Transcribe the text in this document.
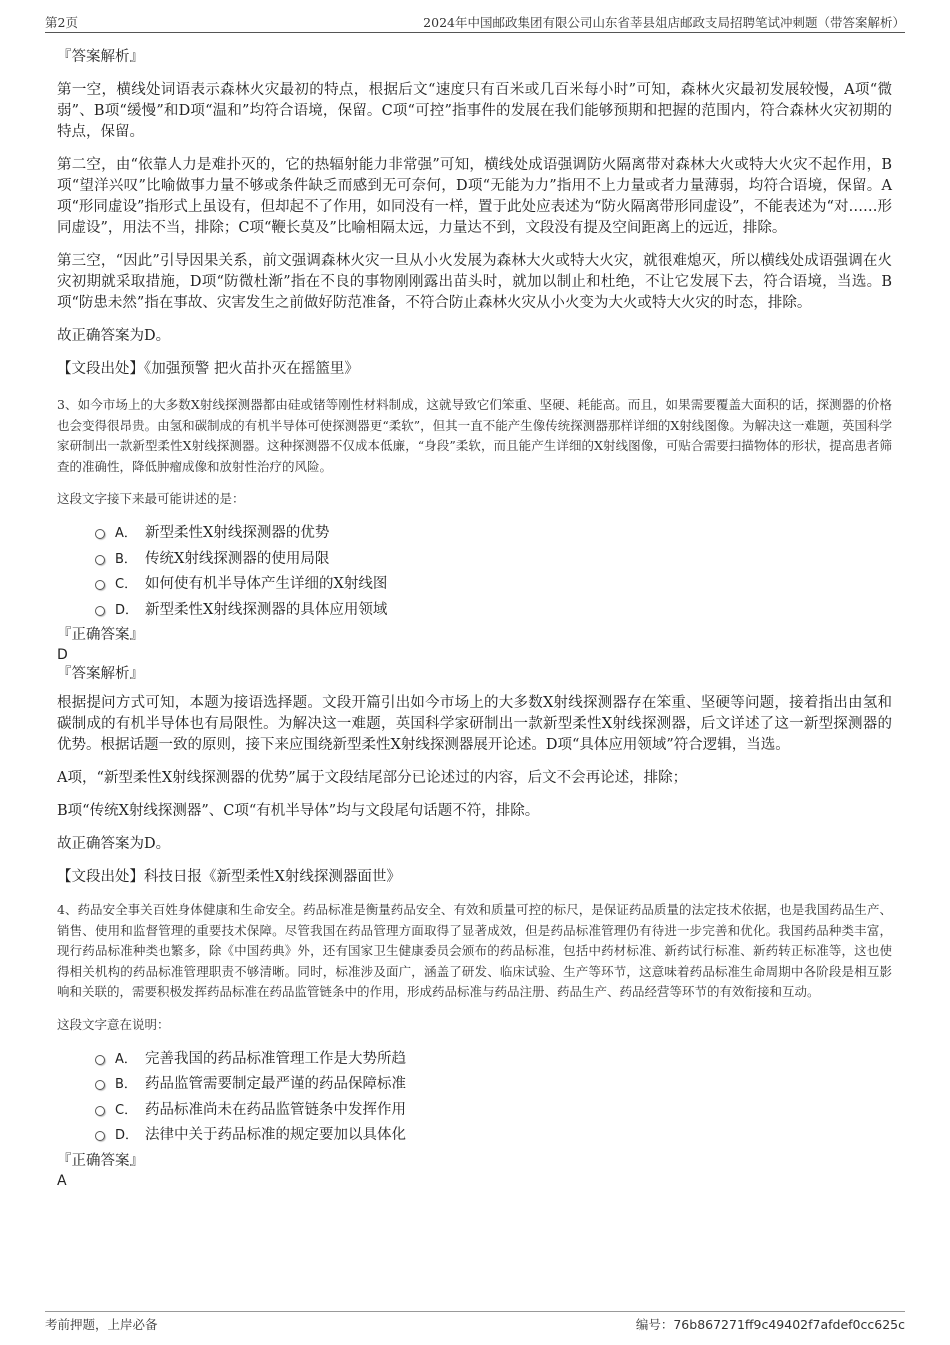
第2页	2024年中国邮政集团有限公司山东省莘县俎店邮政支局招聘笔试冲刺题（带答案解析）

『答案解析』

第一空，横线处词语表示森林火灾最初的特点，根据后文“速度只有百米或几百米每小时”可知，森林火灾最初发展较慢，A项“微弱”、B项“缓慢”和D项“温和”均符合语境，保留。C项“可控”指事件的发展在我们能够预期和把握的范围内，符合森林火灾初期的特点，保留。

第二空，由“依靠人力是难扑灭的，它的热辐射能力非常强”可知，横线处成语强调防火隔离带对森林大火或特大火灾不起作用，B项“望洋兴叹”比喻做事力量不够或条件缺乏而感到无可奈何，D项“无能为力”指用不上力量或者力量薄弱，均符合语境，保留。A项“形同虚设”指形式上虽设有，但却起不了作用，如同没有一样，置于此处应表述为“防火隔离带形同虚设”，不能表述为“对……形同虚设”，用法不当，排除；C项“鞭长莫及”比喻相隔太远，力量达不到，文段没有提及空间距离上的远近，排除。

第三空，“因此”引导因果关系，前文强调森林火灾一旦从小火发展为森林大火或特大火灾，就很难熄灭，所以横线处成语强调在火灾初期就采取措施，D项“防微杜渐”指在不良的事物刚刚露出苗头时，就加以制止和杜绝，不让它发展下去，符合语境，当选。B项“防患未然”指在事故、灾害发生之前做好防范准备，不符合防止森林火灾从小火变为大火或特大火灾的时态，排除。

故正确答案为D。

【文段出处】《加强预警 把火苗扑灭在摇篮里》

3、如今市场上的大多数X射线探测器都由硅或锗等刚性材料制成，这就导致它们笨重、坚硬、耗能高。而且，如果需要覆盖大面积的话，探测器的价格也会变得很昂贵。由氢和碳制成的有机半导体可使探测器更“柔软”，但其一直不能产生像传统探测器那样详细的X射线图像。为解决这一难题，英国科学家研制出一款新型柔性X射线探测器。这种探测器不仅成本低廉，“身段”柔软，而且能产生详细的X射线图像，可贴合需要扫描物体的形状，提高患者筛查的准确性，降低肿瘤成像和放射性治疗的风险。

这段文字接下来最可能讲述的是：

A． 新型柔性X射线探测器的优势
B． 传统X射线探测器的使用局限
C． 如何使有机半导体产生详细的X射线图
D． 新型柔性X射线探测器的具体应用领域

『正确答案』

D

『答案解析』

根据提问方式可知，本题为接语选择题。文段开篇引出如今市场上的大多数X射线探测器存在笨重、坚硬等问题，接着指出由氢和碳制成的有机半导体也有局限性。为解决这一难题，英国科学家研制出一款新型柔性X射线探测器，后文详述了这一新型探测器的优势。根据话题一致的原则，接下来应围绕新型柔性X射线探测器展开论述。D项“具体应用领域”符合逻辑，当选。

A项，“新型柔性X射线探测器的优势”属于文段结尾部分已论述过的内容，后文不会再论述，排除；

B项“传统X射线探测器”、C项“有机半导体”均与文段尾句话题不符，排除。

故正确答案为D。

【文段出处】科技日报《新型柔性X射线探测器面世》

4、药品安全事关百姓身体健康和生命安全。药品标准是衡量药品安全、有效和质量可控的标尺，是保证药品质量的法定技术依据，也是我国药品生产、销售、使用和监督管理的重要技术保障。尽管我国在药品管理方面取得了显著成效，但是药品标准管理仍有待进一步完善和优化。我国药品种类丰富，现行药品标准种类也繁多，除《中国药典》外，还有国家卫生健康委员会颁布的药品标准，包括中药材标准、新药试行标准、新药转正标准等，这也使得相关机构的药品标准管理职责不够清晰。同时，标准涉及面广，涵盖了研发、临床试验、生产等环节，这意味着药品标准生命周期中各阶段是相互影响和关联的，需要积极发挥药品标准在药品监管链条中的作用，形成药品标准与药品注册、药品生产、药品经营等环节的有效衔接和互动。

这段文字意在说明：

A． 完善我国的药品标准管理工作是大势所趋
B． 药品监管需要制定最严谨的药品保障标准
C． 药品标准尚未在药品监管链条中发挥作用
D． 法律中关于药品标准的规定要加以具体化

『正确答案』

A

考前押题，上岸必备	编号：76b867271ff9c49402f7afdef0cc625c
